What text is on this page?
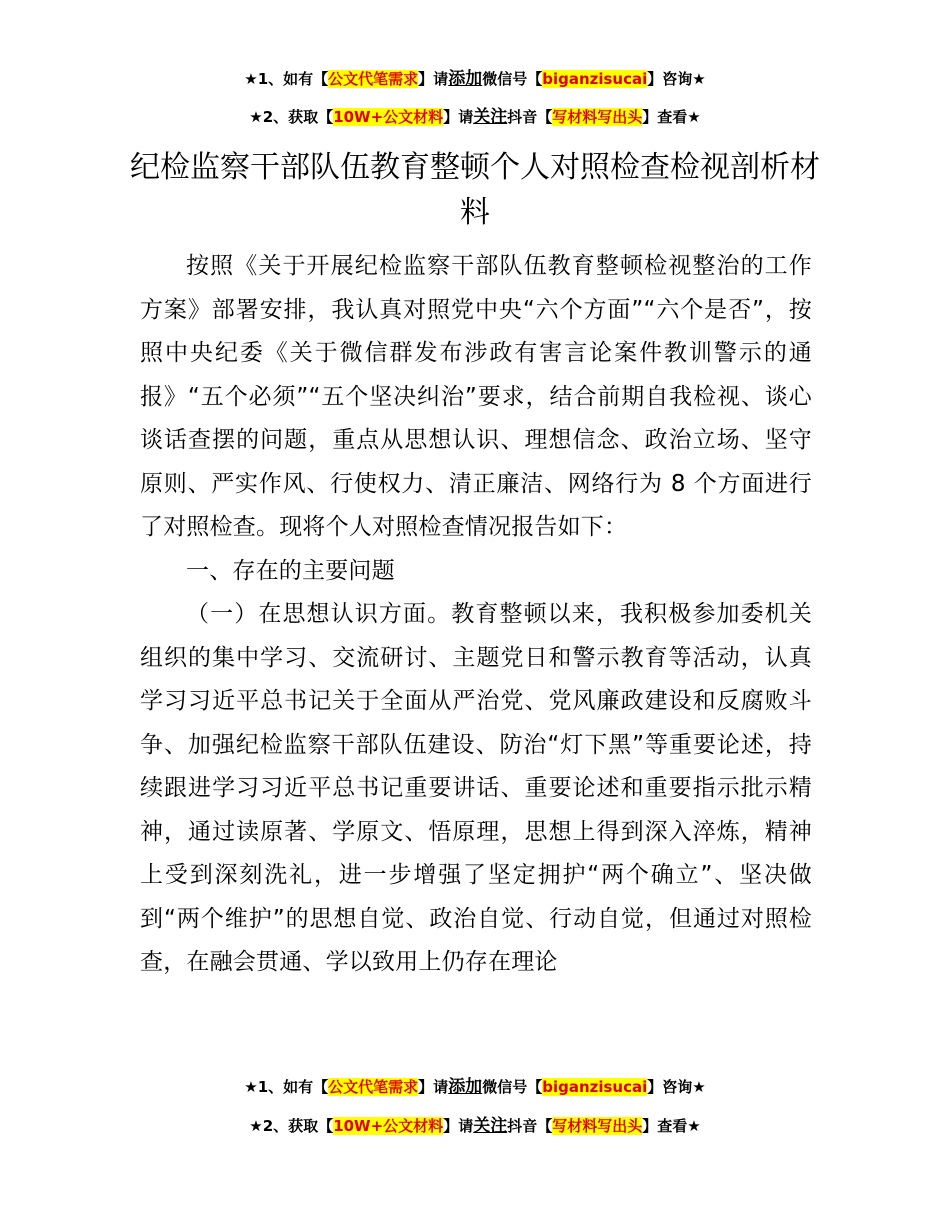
★1、如有【公文代笔需求】请添加微信号【biganzisucai】咨询★
★2、获取【10W+公文材料】请关注抖音【写材料写出头】查看★
纪检监察干部队伍教育整顿个人对照检查检视剖析材料

按照《关于开展纪检监察干部队伍教育整顿检视整治的工作方案》部署安排，我认真对照党中央“六个方面”“六个是否”，按照中央纪委《关于微信群发布涉政有害言论案件教训警示的通报》“五个必须”“五个坚决纠治”要求，结合前期自我检视、谈心谈话查摆的问题，重点从思想认识、理想信念、政治立场、坚守原则、严实作风、行使权力、清正廉洁、网络行为 8 个方面进行了对照检查。现将个人对照检查情况报告如下：

一、存在的主要问题

（一）在思想认识方面。教育整顿以来，我积极参加委机关组织的集中学习、交流研讨、主题党日和警示教育等活动，认真学习习近平总书记关于全面从严治党、党风廉政建设和反腐败斗争、加强纪检监察干部队伍建设、防治“灯下黑”等重要论述，持续跟进学习习近平总书记重要讲话、重要论述和重要指示批示精神，通过读原著、学原文、悟原理，思想上得到深入淬炼，精神上受到深刻洗礼，进一步增强了坚定拥护“两个确立”、坚决做到“两个维护”的思想自觉、政治自觉、行动自觉，但通过对照检查，在融会贯通、学以致用上仍存在理论

★1、如有【公文代笔需求】请添加微信号【biganzisucai】咨询★
★2、获取【10W+公文材料】请关注抖音【写材料写出头】查看★
